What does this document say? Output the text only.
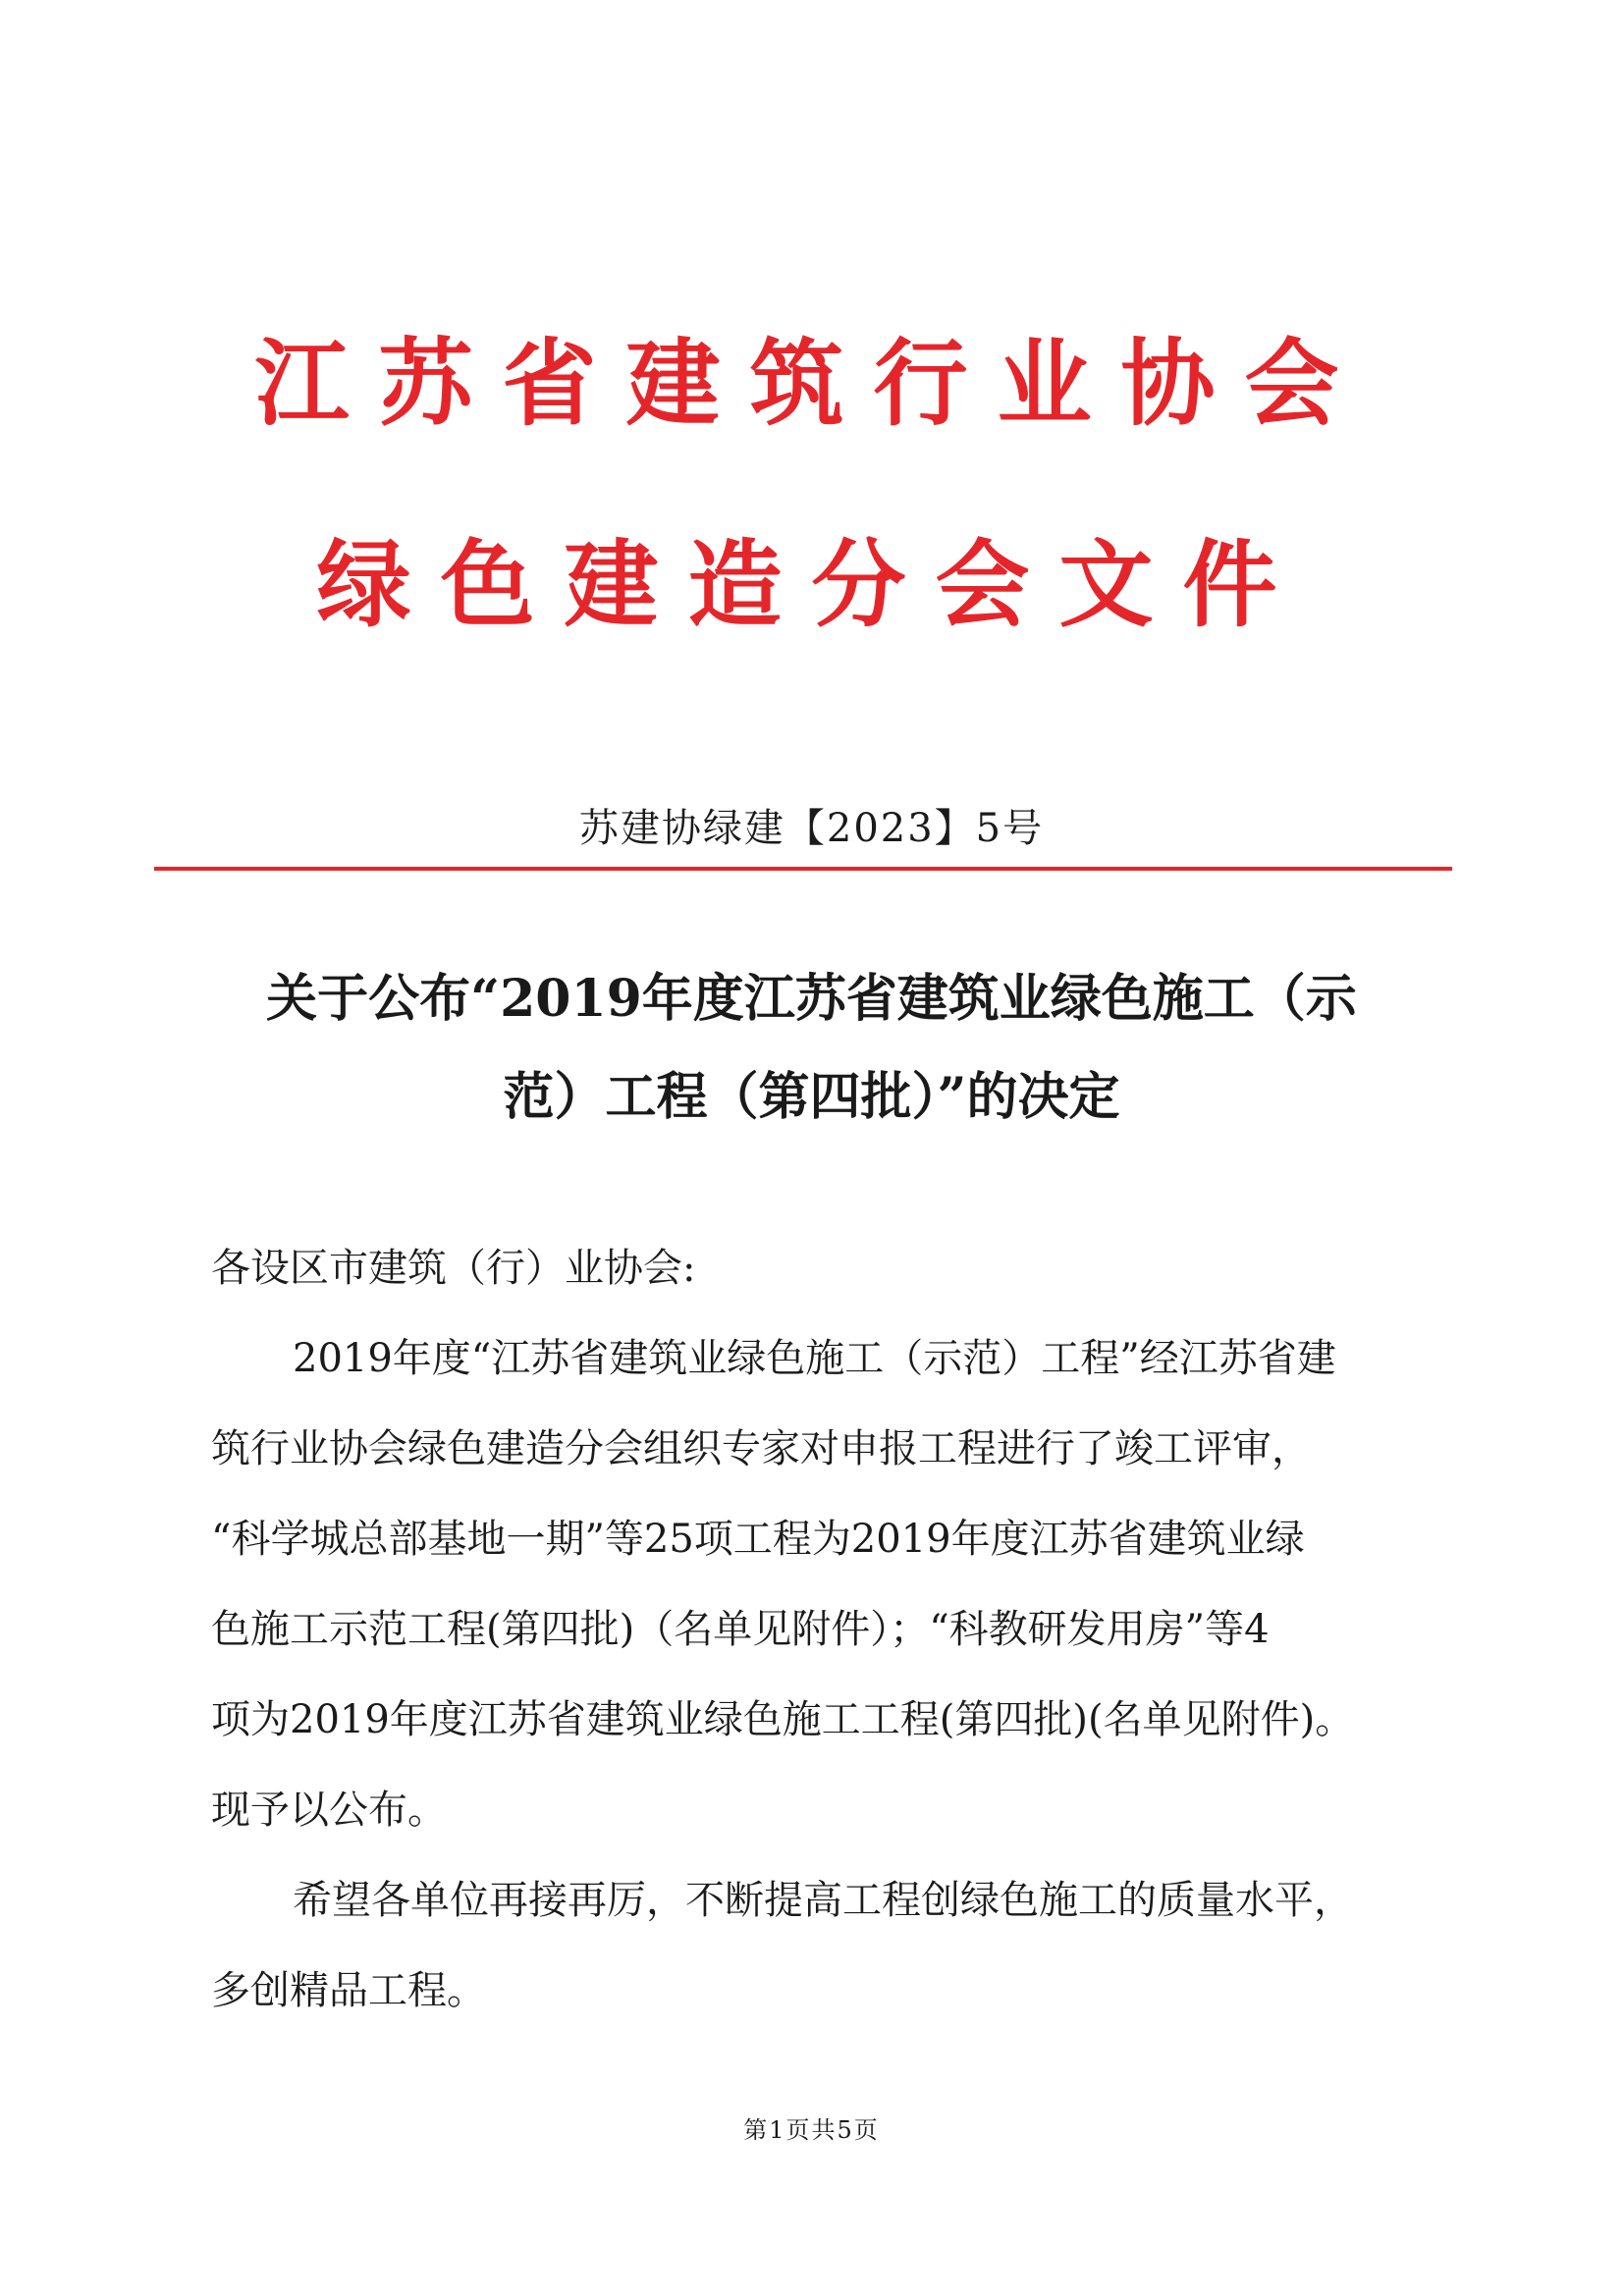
江苏省建筑行业协会
绿色建造分会文件
苏建协绿建【2023】5号
关于公布“2019年度江苏省建筑业绿色施工（示
范）工程（第四批）”的决定
各设区市建筑（行）业协会:
2019年度“江苏省建筑业绿色施工（示范）工程”经江苏省建
筑行业协会绿色建造分会组织专家对申报工程进行了竣工评审，
“科学城总部基地一期”等25项工程为2019年度江苏省建筑业绿
色施工示范工程(第四批)（名单见附件）；“科教研发用房”等4
项为2019年度江苏省建筑业绿色施工工程(第四批)(名单见附件)。
现予以公布。
希望各单位再接再厉，不断提高工程创绿色施工的质量水平，
多创精品工程。
第1页共5页
